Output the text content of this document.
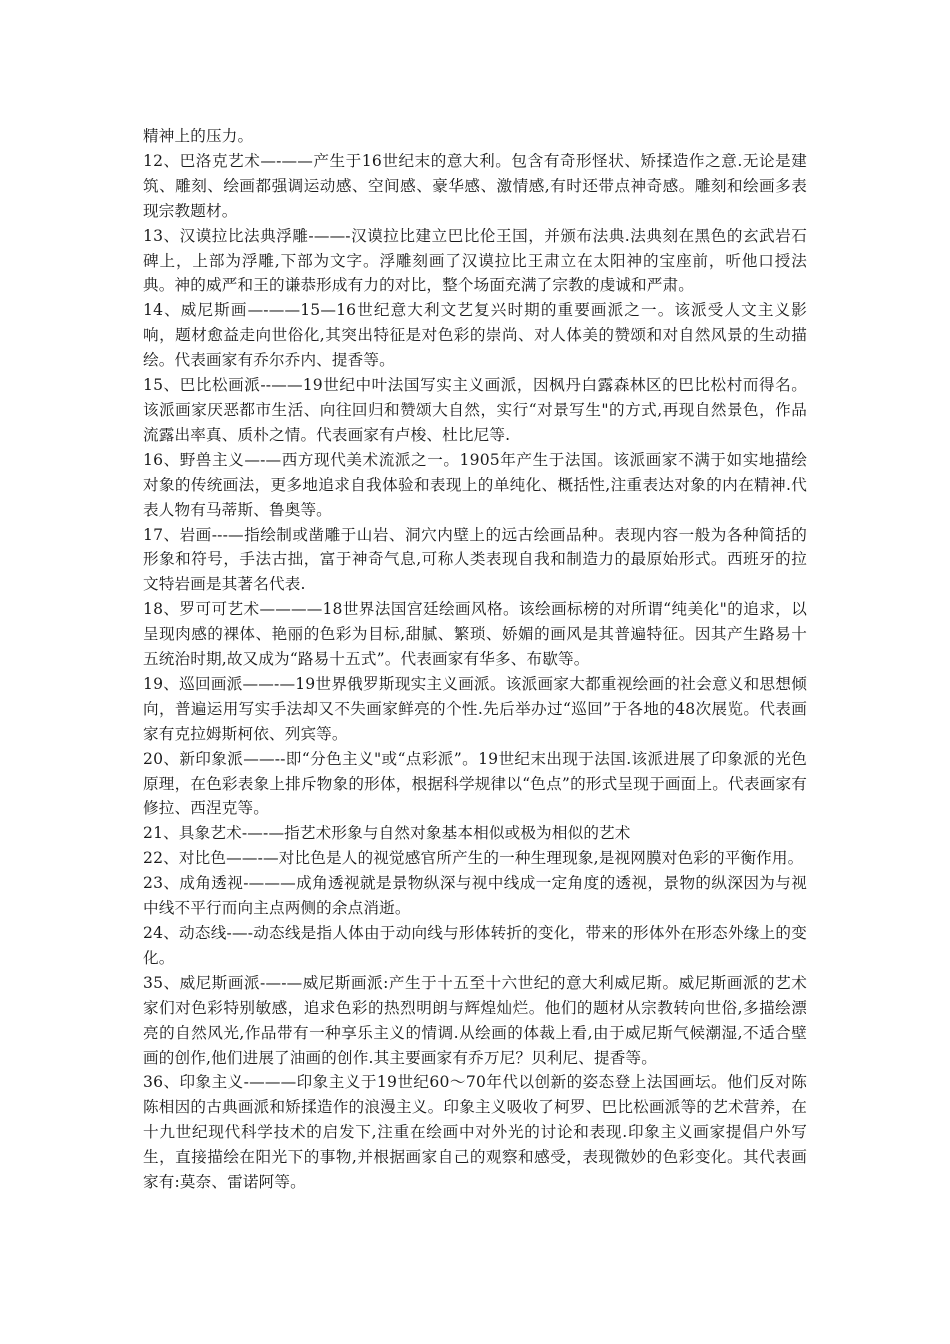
精神上的压力。

12、巴洛克艺术—-——产生于16世纪末的意大利。包含有奇形怪状、矫揉造作之意.无论是建筑、雕刻、绘画都强调运动感、空间感、豪华感、激情感,有时还带点神奇感。雕刻和绘画多表现宗教题材。

13、汉谟拉比法典浮雕-——-汉谟拉比建立巴比伦王国，并颁布法典.法典刻在黑色的玄武岩石碑上，上部为浮雕,下部为文字。浮雕刻画了汉谟拉比王肃立在太阳神的宝座前，听他口授法典。神的威严和王的谦恭形成有力的对比，整个场面充满了宗教的虔诚和严肃。

14、威尼斯画—-——15—16世纪意大利文艺复兴时期的重要画派之一。该派受人文主义影响，题材愈益走向世俗化,其突出特征是对色彩的崇尚、对人体美的赞颂和对自然风景的生动描绘。代表画家有乔尔乔内、提香等。

15、巴比松画派--——19世纪中叶法国写实主义画派，因枫丹白露森林区的巴比松村而得名。该派画家厌恶都市生活、向往回归和赞颂大自然，实行“对景写生"的方式,再现自然景色，作品流露出率真、质朴之情。代表画家有卢梭、杜比尼等.

16、野兽主义—-—西方现代美术流派之一。1905年产生于法国。该派画家不满于如实地描绘对象的传统画法，更多地追求自我体验和表现上的单纯化、概括性,注重表达对象的内在精神.代表人物有马蒂斯、鲁奥等。

17、岩画---—指绘制或凿雕于山岩、洞穴内壁上的远古绘画品种。表现内容一般为各种简括的形象和符号，手法古拙，富于神奇气息,可称人类表现自我和制造力的最原始形式。西班牙的拉文特岩画是其著名代表.

18、罗可可艺术————18世界法国宫廷绘画风格。该绘画标榜的对所谓“纯美化"的追求，以呈现肉感的裸体、艳丽的色彩为目标,甜腻、繁琐、娇媚的画风是其普遍特征。因其产生路易十五统治时期,故又成为“路易十五式”。代表画家有华多、布歇等。

19、巡回画派——-—19世界俄罗斯现实主义画派。该派画家大都重视绘画的社会意义和思想倾向，普遍运用写实手法却又不失画家鲜亮的个性.先后举办过“巡回”于各地的48次展览。代表画家有克拉姆斯柯依、列宾等。

20、新印象派——--即“分色主义"或“点彩派”。19世纪末出现于法国.该派进展了印象派的光色原理，在色彩表象上排斥物象的形体，根据科学规律以“色点”的形式呈现于画面上。代表画家有修拉、西涅克等。

21、具象艺术-—-—指艺术形象与自然对象基本相似或极为相似的艺术

22、对比色——-—对比色是人的视觉感官所产生的一种生理现象,是视网膜对色彩的平衡作用。

23、成角透视-———成角透视就是景物纵深与视中线成一定角度的透视，景物的纵深因为与视中线不平行而向主点两侧的余点消逝。

24、动态线-—-动态线是指人体由于动向线与形体转折的变化，带来的形体外在形态外缘上的变化。

35、威尼斯画派-—-—威尼斯画派:产生于十五至十六世纪的意大利威尼斯。威尼斯画派的艺术家们对色彩特别敏感，追求色彩的热烈明朗与辉煌灿烂。他们的题材从宗教转向世俗,多描绘漂亮的自然风光,作品带有一种享乐主义的情调.从绘画的体裁上看,由于威尼斯气候潮湿,不适合壁画的创作,他们进展了油画的创作.其主要画家有乔万尼？贝利尼、提香等。

36、印象主义-———印象主义于19世纪60～70年代以创新的姿态登上法国画坛。他们反对陈陈相因的古典画派和矫揉造作的浪漫主义。印象主义吸收了柯罗、巴比松画派等的艺术营养，在十九世纪现代科学技术的启发下,注重在绘画中对外光的讨论和表现.印象主义画家提倡户外写生，直接描绘在阳光下的事物,并根据画家自己的观察和感受，表现微妙的色彩变化。其代表画家有:莫奈、雷诺阿等。
